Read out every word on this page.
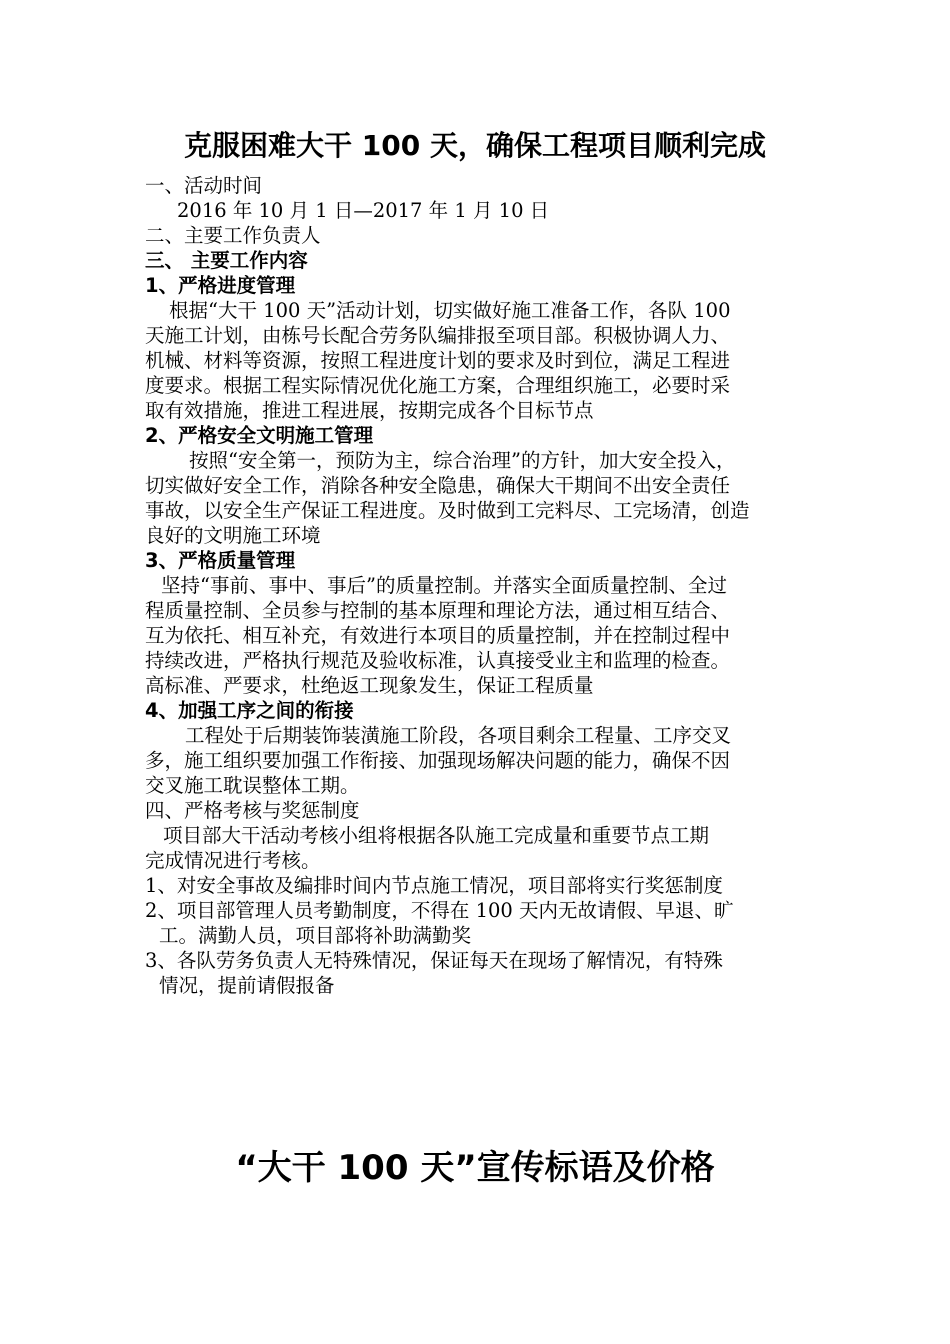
克服困难大干 100 天，确保工程项目顺利完成
一、活动时间
2016 年 10 月 1 日—2017 年 1 月 10 日
二、主要工作负责人
三、 主要工作内容
1、严格进度管理
根据“大干 100 天”活动计划，切实做好施工准备工作，各队 100
天施工计划，由栋号长配合劳务队编排报至项目部。积极协调人力、
机械、材料等资源，按照工程进度计划的要求及时到位，满足工程进
度要求。根据工程实际情况优化施工方案，合理组织施工，必要时采
取有效措施，推进工程进展，按期完成各个目标节点
2、严格安全文明施工管理
按照“安全第一，预防为主，综合治理”的方针，加大安全投入，
切实做好安全工作，消除各种安全隐患，确保大干期间不出安全责任
事故，以安全生产保证工程进度。及时做到工完料尽、工完场清，创造
良好的文明施工环境
3、严格质量管理
坚持“事前、事中、事后”的质量控制。并落实全面质量控制、全过
程质量控制、全员参与控制的基本原理和理论方法，通过相互结合、
互为依托、相互补充，有效进行本项目的质量控制，并在控制过程中
持续改进，严格执行规范及验收标准，认真接受业主和监理的检查。
高标准、严要求，杜绝返工现象发生，保证工程质量
4、加强工序之间的衔接
工程处于后期装饰装潢施工阶段，各项目剩余工程量、工序交叉
多，施工组织要加强工作衔接、加强现场解决问题的能力，确保不因
交叉施工耽误整体工期。
四、严格考核与奖惩制度
项目部大干活动考核小组将根据各队施工完成量和重要节点工期
完成情况进行考核。
1、对安全事故及编排时间内节点施工情况，项目部将实行奖惩制度
2、项目部管理人员考勤制度，不得在 100 天内无故请假、早退、旷
工。满勤人员，项目部将补助满勤奖
3、各队劳务负责人无特殊情况，保证每天在现场了解情况，有特殊
情况，提前请假报备
“大干 100 天”宣传标语及价格
